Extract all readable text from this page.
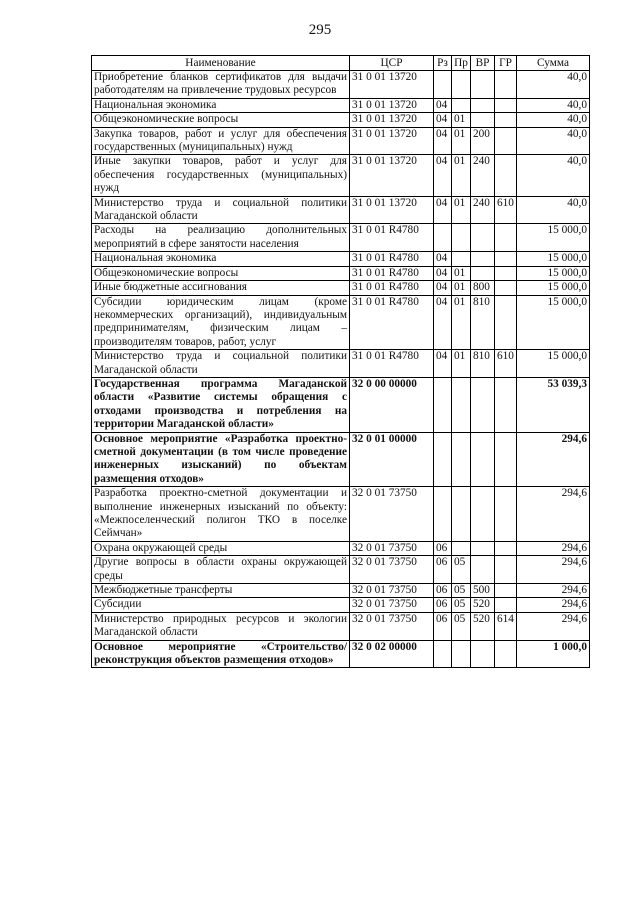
295
Наименование	ЦСР	Рз	Пр	ВР	ГР	Сумма
Приобретение бланков сертификатов для выдачи работодателям на привлечение трудовых ресурсов	31 0 01 13720					40,0
Национальная экономика	31 0 01 13720	04				40,0
Общеэкономические вопросы	31 0 01 13720	04	01			40,0
Закупка товаров, работ и услуг для обеспечения государственных (муниципальных) нужд	31 0 01 13720	04	01	200		40,0
Иные закупки товаров, работ и услуг для обеспечения государственных (муниципальных) нужд	31 0 01 13720	04	01	240		40,0
Министерство труда и социальной политики Магаданской области	31 0 01 13720	04	01	240	610	40,0
Расходы на реализацию дополнительных мероприятий в сфере занятости населения	31 0 01 R4780					15 000,0
Национальная экономика	31 0 01 R4780	04				15 000,0
Общеэкономические вопросы	31 0 01 R4780	04	01			15 000,0
Иные бюджетные ассигнования	31 0 01 R4780	04	01	800		15 000,0
Субсидии юридическим лицам (кроме некоммерческих организаций), индивидуальным предпринимателям, физическим лицам – производителям товаров, работ, услуг	31 0 01 R4780	04	01	810		15 000,0
Министерство труда и социальной политики Магаданской области	31 0 01 R4780	04	01	810	610	15 000,0
Государственная программа Магаданской области «Развитие системы обращения с отходами производства и потребления на территории Магаданской области»	32 0 00 00000					53 039,3
Основное мероприятие «Разработка проектно-сметной документации (в том числе проведение инженерных изысканий) по объектам размещения отходов»	32 0 01 00000					294,6
Разработка проектно-сметной документации и выполнение инженерных изысканий по объекту: «Межпоселенческий полигон ТКО в поселке Сеймчан»	32 0 01 73750					294,6
Охрана окружающей среды	32 0 01 73750	06				294,6
Другие вопросы в области охраны окружающей среды	32 0 01 73750	06	05			294,6
Межбюджетные трансферты	32 0 01 73750	06	05	500		294,6
Субсидии	32 0 01 73750	06	05	520		294,6
Министерство природных ресурсов и экологии Магаданской области	32 0 01 73750	06	05	520	614	294,6
Основное мероприятие «Строительство/реконструкция объектов размещения отходов»	32 0 02 00000					1 000,0
